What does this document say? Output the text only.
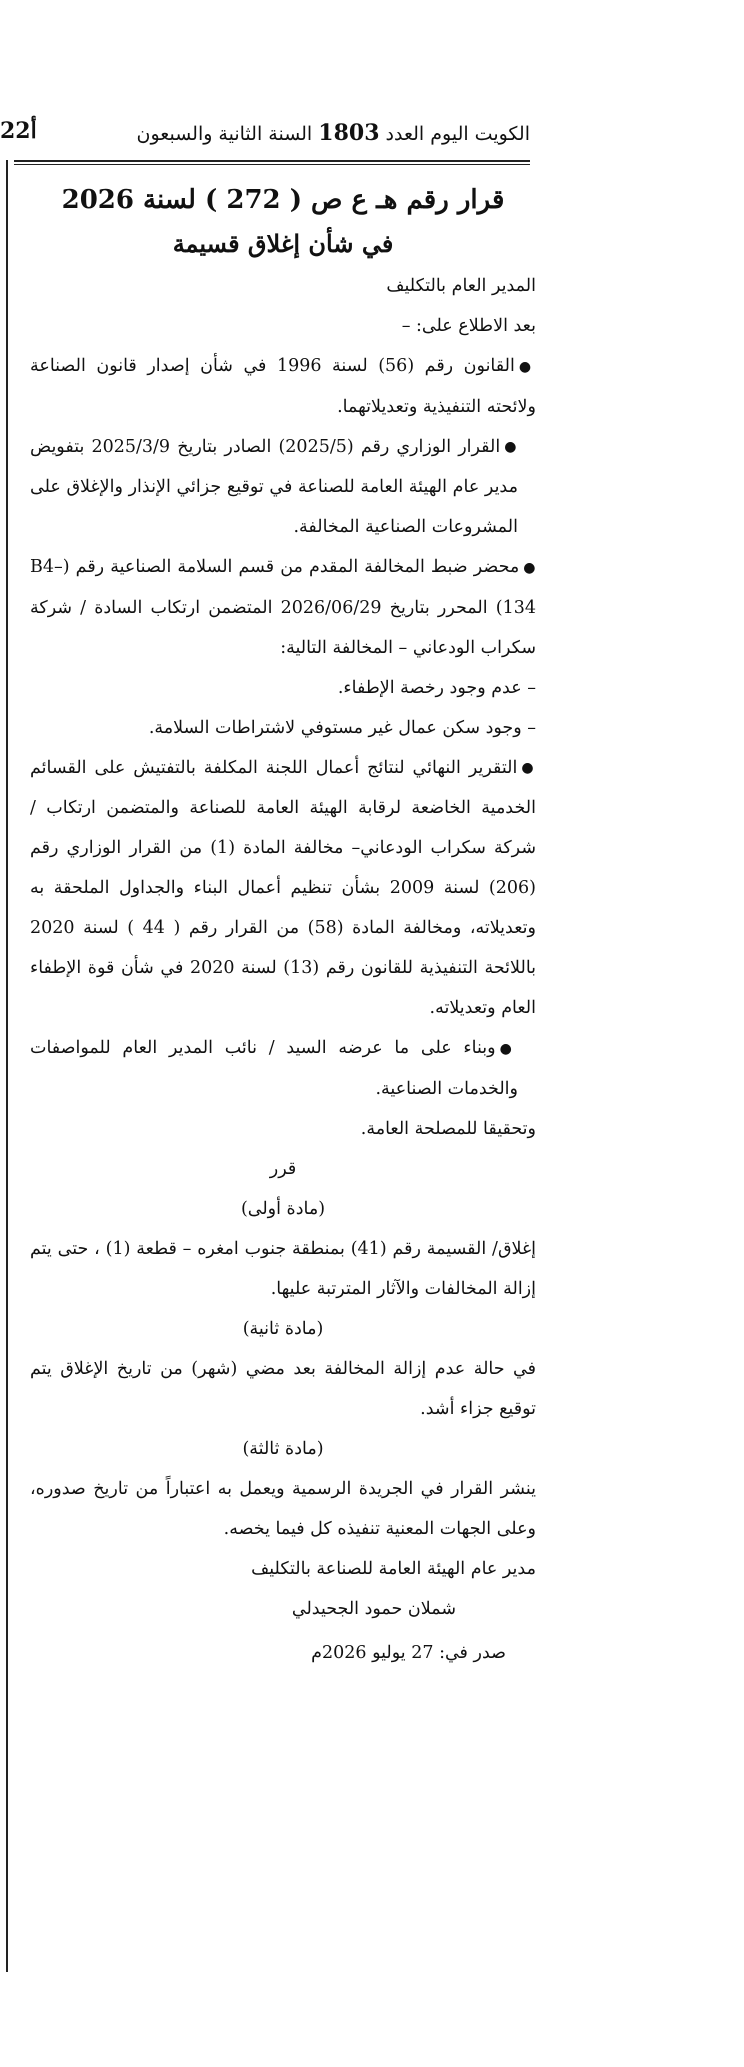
22أ	الكويت اليوم العدد 1803 السنة الثانية والسبعون

قرار رقم هـ ع ص ( 272 ) لسنة 2026

في شأن إغلاق قسيمة

المدير العام بالتكليف

بعد الاطلاع على: –

●القانون رقم (56) لسنة 1996 في شأن إصدار قانون الصناعة ولائحته التنفيذية وتعديلاتهما.

●القرار الوزاري رقم (2025/5) الصادر بتاريخ 2025/3/9 بتفويض مدير عام الهيئة العامة للصناعة في توقيع جزائي الإنذار والإغلاق على المشروعات الصناعية المخالفة.

●محضر ضبط المخالفة المقدم من قسم السلامة الصناعية رقم (B4–134) المحرر بتاريخ 2026/06/29 المتضمن ارتكاب السادة / شركة سكراب الودعاني – المخالفة التالية:

– عدم وجود رخصة الإطفاء.

– وجود سكن عمال غير مستوفي لاشتراطات السلامة.

●التقرير النهائي لنتائج أعمال اللجنة المكلفة بالتفتيش على القسائم الخدمية الخاضعة لرقابة الهيئة العامة للصناعة والمتضمن ارتكاب / شركة سكراب الودعاني– مخالفة المادة (1) من القرار الوزاري رقم (206) لسنة 2009 بشأن تنظيم أعمال البناء والجداول الملحقة به وتعديلاته، ومخالفة المادة (58) من القرار رقم ( 44 ) لسنة 2020 باللائحة التنفيذية للقانون رقم (13) لسنة 2020 في شأن قوة الإطفاء العام وتعديلاته.

●وبناء على ما عرضه السيد / نائب المدير العام للمواصفات والخدمات الصناعية.

وتحقيقا للمصلحة العامة.

قرر

(مادة أولى)

إغلاق/ القسيمة رقم (41) بمنطقة جنوب امغره – قطعة (1) ، حتى يتم إزالة المخالفات والآثار المترتبة عليها.

(مادة ثانية)

في حالة عدم إزالة المخالفة بعد مضي (شهر) من تاريخ الإغلاق يتم توقيع جزاء أشد.

(مادة ثالثة)

ينشر القرار في الجريدة الرسمية ويعمل به اعتباراً من تاريخ صدوره، وعلى الجهات المعنية تنفيذه كل فيما يخصه.

مدير عام الهيئة العامة للصناعة بالتكليف

شملان حمود الجحيدلي

صدر في: 27 يوليو 2026م
